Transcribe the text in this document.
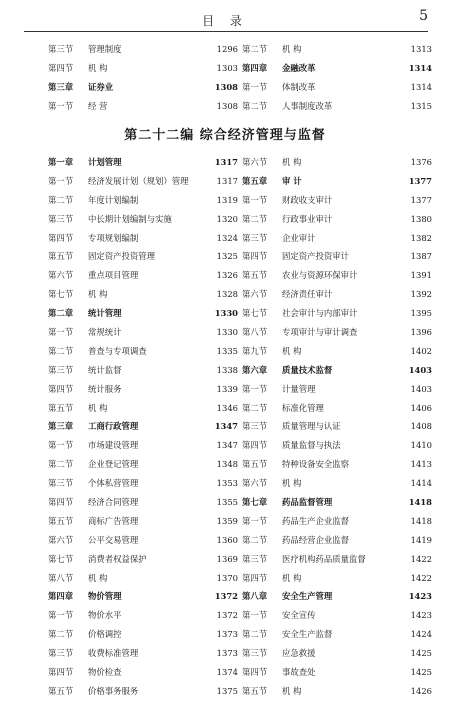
目 录	5
第三节 管理制度	1296
第四节 机 构	1303
第三章 证券业	1308
第一节 经 营	1308
第二节 机 构	1313
第四章 金融改革	1314
第一节 体制改革	1314
第二节 人事制度改革	1315
第二十二编 综合经济管理与监督
第一章 计划管理	1317
第一节 经济发展计划（规划）管理	1317
第二节 年度计划编制	1319
第三节 中长期计划编制与实施	1320
第四节 专项规划编制	1324
第五节 固定资产投资管理	1325
第六节 重点项目管理	1326
第七节 机 构	1328
第二章 统计管理	1330
第一节 常规统计	1330
第二节 普查与专项调查	1335
第三节 统计监督	1338
第四节 统计服务	1339
第五节 机 构	1346
第三章 工商行政管理	1347
第一节 市场建设管理	1347
第二节 企业登记管理	1348
第三节 个体私营管理	1353
第四节 经济合同管理	1355
第五节 商标广告管理	1359
第六节 公平交易管理	1360
第七节 消费者权益保护	1369
第八节 机 构	1370
第四章 物价管理	1372
第一节 物价水平	1372
第二节 价格调控	1373
第三节 收费标准管理	1373
第四节 物价检查	1374
第五节 价格事务服务	1375
第六节 机 构	1376
第五章 审 计	1377
第一节 财政收支审计	1377
第二节 行政事业审计	1380
第三节 企业审计	1382
第四节 固定资产投资审计	1387
第五节 农业与资源环保审计	1391
第六节 经济责任审计	1392
第七节 社会审计与内部审计	1395
第八节 专项审计与审计调查	1396
第九节 机 构	1402
第六章 质量技术监督	1403
第一节 计量管理	1403
第二节 标准化管理	1406
第三节 质量管理与认证	1408
第四节 质量监督与执法	1410
第五节 特种设备安全监察	1413
第六节 机 构	1414
第七章 药品监督管理	1418
第一节 药品生产企业监督	1418
第二节 药品经营企业监督	1419
第三节 医疗机构药品质量监督	1422
第四节 机 构	1422
第八章 安全生产管理	1423
第一节 安全宣传	1423
第二节 安全生产监督	1424
第三节 应急救援	1425
第四节 事故查处	1425
第五节 机 构	1426
